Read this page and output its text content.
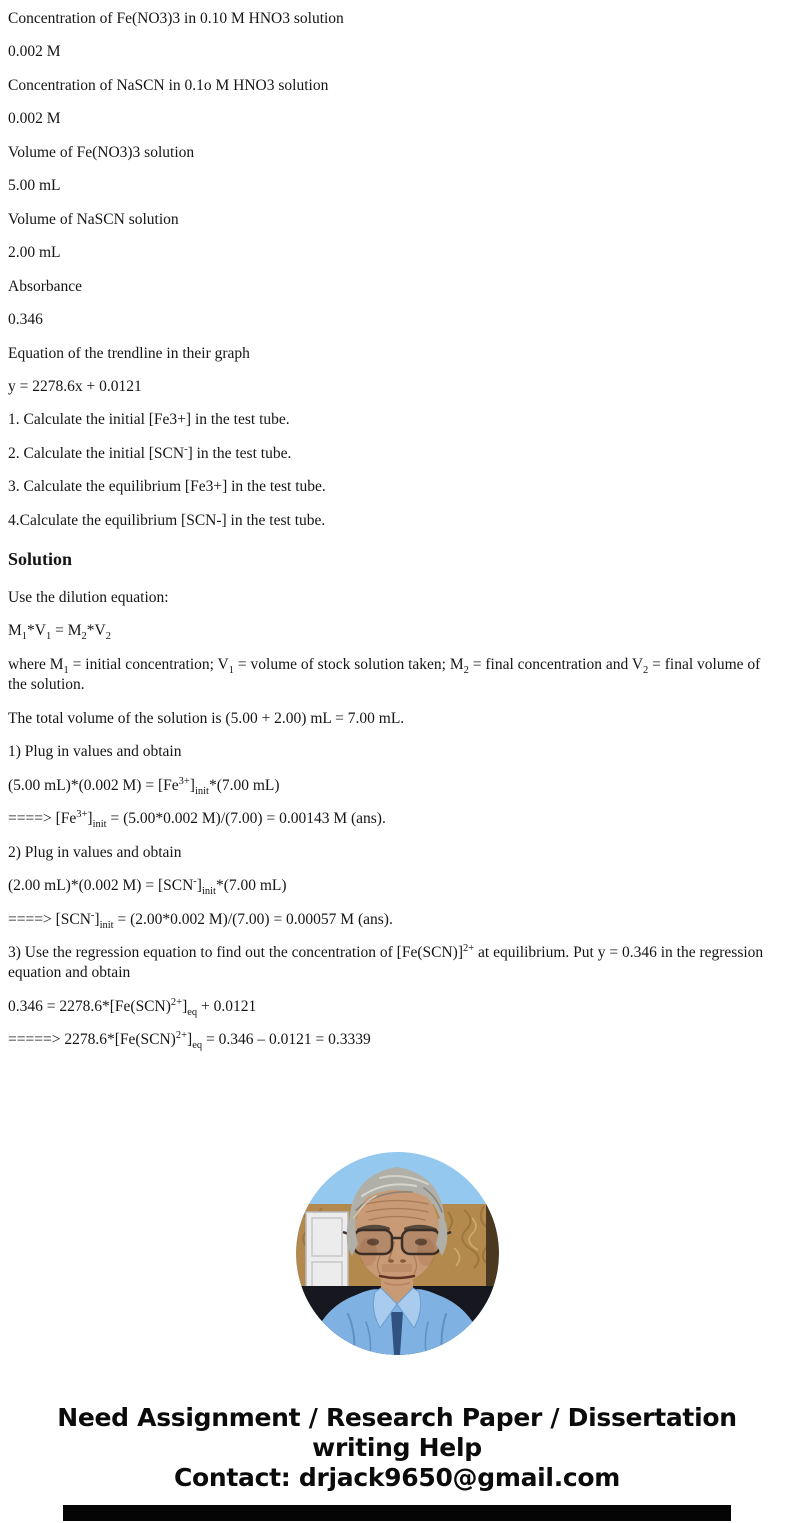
Concentration of Fe(NO3)3 in 0.10 M HNO3 solution

0.002 M

Concentration of NaSCN in 0.1o M HNO3 solution

0.002 M

Volume of Fe(NO3)3 solution

5.00 mL

Volume of NaSCN solution

2.00 mL

Absorbance

0.346

Equation of the trendline in their graph

y = 2278.6x + 0.0121

1. Calculate the initial [Fe3+] in the test tube.

2. Calculate the initial [SCN-] in the test tube.

3. Calculate the equilibrium [Fe3+] in the test tube.

4.Calculate the equilibrium [SCN-] in the test tube.

Solution

Use the dilution equation:

$M_1*V_1 = M_2*V_2$

where $M_1$ = initial concentration; $V_1$ = volume of stock solution taken; $M_2$ = final concentration and $V_2$ = final volume of the solution.

The total volume of the solution is (5.00 + 2.00) mL = 7.00 mL.

1) Plug in values and obtain

(5.00 mL)*(0.002 $M) = [Fe^{3+}]_{init}*(7.00$ mL)

====> $[Fe^{3+}]_{init} = (5.00*0.002$ M)/(7.00) = 0.00143 M (ans).

2) Plug in values and obtain

(2.00 mL)*(0.002 $M) = [SCN^-]_{init}*(7.00$ mL)

====> $[SCN^-]_{init} = (2.00*0.002$ M)/(7.00) = 0.00057 M (ans).

3) Use the regression equation to find out the concentration of $[Fe(SCN)]^{2+}$ at equilibrium. Put y = 0.346 in the regression equation and obtain

$0.346 = 2278.6*[Fe(SCN)^{2+}]_{eq} + 0.0121$

=====> $2278.6*[Fe(SCN)^{2+}]_{eq} = 0.346 - 0.0121 = 0.3339$

Need Assignment / Research Paper / Dissertation
writing Help
Contact: drjack9650@gmail.com
